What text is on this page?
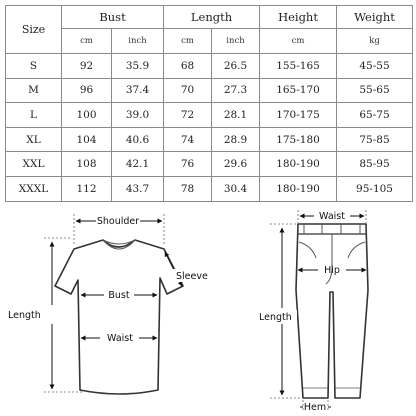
Size	Bust		Length		Height	Weight
	cm	inch	cm	inch	cm	kg
S	92	35.9	68	26.5	155-165	45-55
M	96	37.4	70	27.3	165-170	55-65
L	100	39.0	72	28.1	170-175	65-75
XL	104	40.6	74	28.9	175-180	75-85
XXL	108	42.1	76	29.6	180-190	85-95
XXXL	112	43.7	78	30.4	180-190	95-105
Shoulder
Sleeve
Bust
Waist
Length
Waist
Hip
Length
Hem
